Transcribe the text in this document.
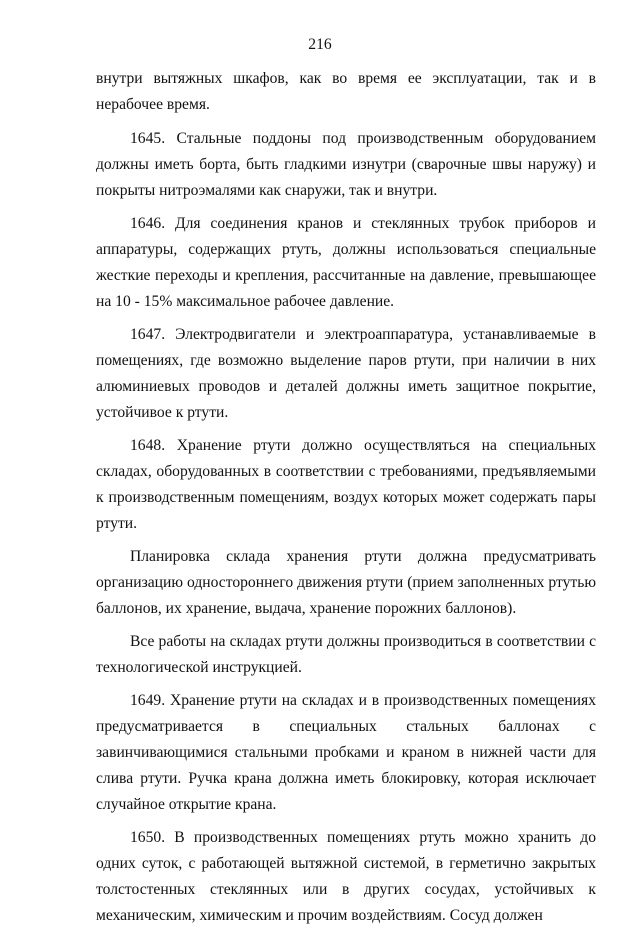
216

внутри вытяжных шкафов, как во время ее эксплуатации, так и в нерабочее время.

1645. Стальные поддоны под производственным оборудованием должны иметь борта, быть гладкими изнутри (сварочные швы наружу) и покрыты нитроэмалями как снаружи, так и внутри.

1646. Для соединения кранов и стеклянных трубок приборов и аппаратуры, содержащих ртуть, должны использоваться специальные жесткие переходы и крепления, рассчитанные на давление, превышающее на 10 - 15% максимальное рабочее давление.

1647. Электродвигатели и электроаппаратура, устанавливаемые в помещениях, где возможно выделение паров ртути, при наличии в них алюминиевых проводов и деталей должны иметь защитное покрытие, устойчивое к ртути.

1648. Хранение ртути должно осуществляться на специальных складах, оборудованных в соответствии с требованиями, предъявляемыми к производственным помещениям, воздух которых может содержать пары ртути.

Планировка склада хранения ртути должна предусматривать организацию одностороннего движения ртути (прием заполненных ртутью баллонов, их хранение, выдача, хранение порожних баллонов).

Все работы на складах ртути должны производиться в соответствии с технологической инструкцией.

1649. Хранение ртути на складах и в производственных помещениях предусматривается в специальных стальных баллонах с завинчивающимися стальными пробками и краном в нижней части для слива ртути. Ручка крана должна иметь блокировку, которая исключает случайное открытие крана.

1650. В производственных помещениях ртуть можно хранить до одних суток, с работающей вытяжной системой, в герметично закрытых толстостенных стеклянных или в других сосудах, устойчивых к механическим, химическим и прочим воздействиям. Сосуд должен
